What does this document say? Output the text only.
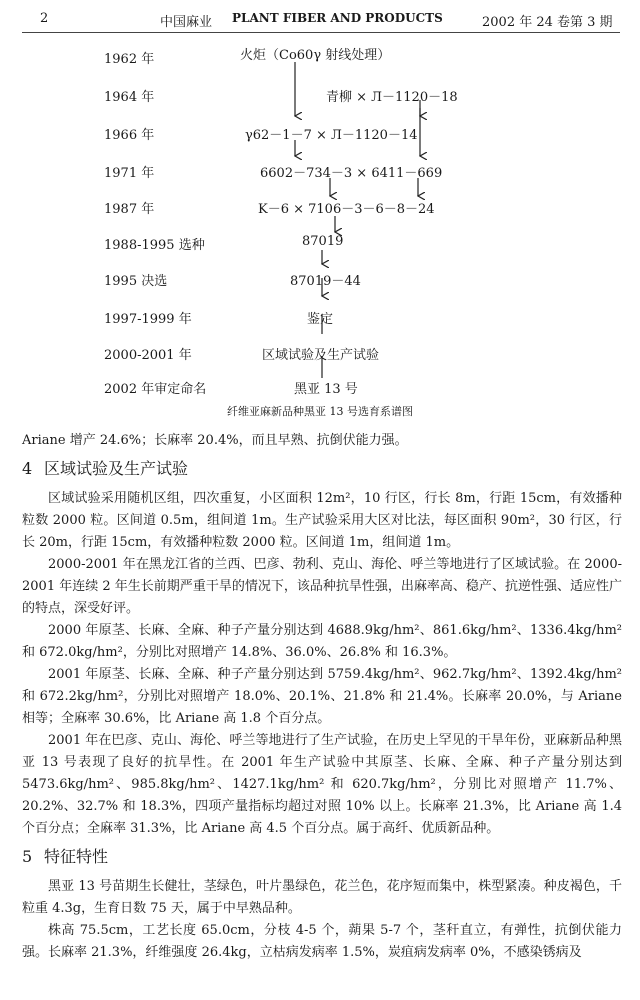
2	中国麻业 PLANT FIBER AND PRODUCTS	2002 年 24 卷第 3 期
1962 年
1964 年
1966 年
1971 年
1987 年
1988-1995 选种
1995 决选
1997-1999 年
2000-2001 年
2002 年审定命名
火炬（Co60γ 射线处理）
青柳 × Л－1120－18
γ62－1－7 × Л－1120－14
6602－734－3 × 6411－669
K－6 × 7106－3－6－8－24
87019
87019－44
鉴定
区域试验及生产试验
黑亚 13 号
纤维亚麻新品种黑亚 13 号选育系谱图

Ariane 增产 24.6%；长麻率 20.4%，而且早熟、抗倒伏能力强。

4 区域试验及生产试验

区域试验采用随机区组，四次重复，小区面积 12m²，10 行区，行长 8m，行距 15cm，有效播种粒数 2000 粒。区间道 0.5m，组间道 1m。生产试验采用大区对比法，每区面积 90m²，30 行区，行长 20m，行距 15cm，有效播种粒数 2000 粒。区间道 1m，组间道 1m。

2000-2001 年在黑龙江省的兰西、巴彦、勃利、克山、海伦、呼兰等地进行了区域试验。在 2000-2001 年连续 2 年生长前期严重干旱的情况下，该品种抗旱性强，出麻率高、稳产、抗逆性强、适应性广的特点，深受好评。

2000 年原茎、长麻、全麻、种子产量分别达到 4688.9kg/hm²、861.6kg/hm²、1336.4kg/hm² 和 672.0kg/hm²，分别比对照增产 14.8%、36.0%、26.8% 和 16.3%。

2001 年原茎、长麻、全麻、种子产量分别达到 5759.4kg/hm²、962.7kg/hm²、1392.4kg/hm² 和 672.2kg/hm²，分别比对照增产 18.0%、20.1%、21.8% 和 21.4%。长麻率 20.0%，与 Ariane 相等；全麻率 30.6%，比 Ariane 高 1.8 个百分点。

2001 年在巴彦、克山、海伦、呼兰等地进行了生产试验，在历史上罕见的干旱年份，亚麻新品种黑亚 13 号表现了良好的抗旱性。在 2001 年生产试验中其原茎、长麻、全麻、种子产量分别达到 5473.6kg/hm²、985.8kg/hm²、1427.1kg/hm² 和 620.7kg/hm²，分别比对照增产 11.7%、20.2%、32.7% 和 18.3%，四项产量指标均超过对照 10% 以上。长麻率 21.3%，比 Ariane 高 1.4 个百分点；全麻率 31.3%，比 Ariane 高 4.5 个百分点。属于高纤、优质新品种。

5 特征特性

黑亚 13 号苗期生长健壮，茎绿色，叶片墨绿色，花兰色，花序短而集中，株型紧凑。种皮褐色，千粒重 4.3g，生育日数 75 天，属于中早熟品种。

株高 75.5cm，工艺长度 65.0cm，分枝 4-5 个，蒴果 5-7 个，茎秆直立，有弹性，抗倒伏能力强。长麻率 21.3%，纤维强度 26.4kg，立枯病发病率 1.5%，炭疽病发病率 0%，不感染锈病及
